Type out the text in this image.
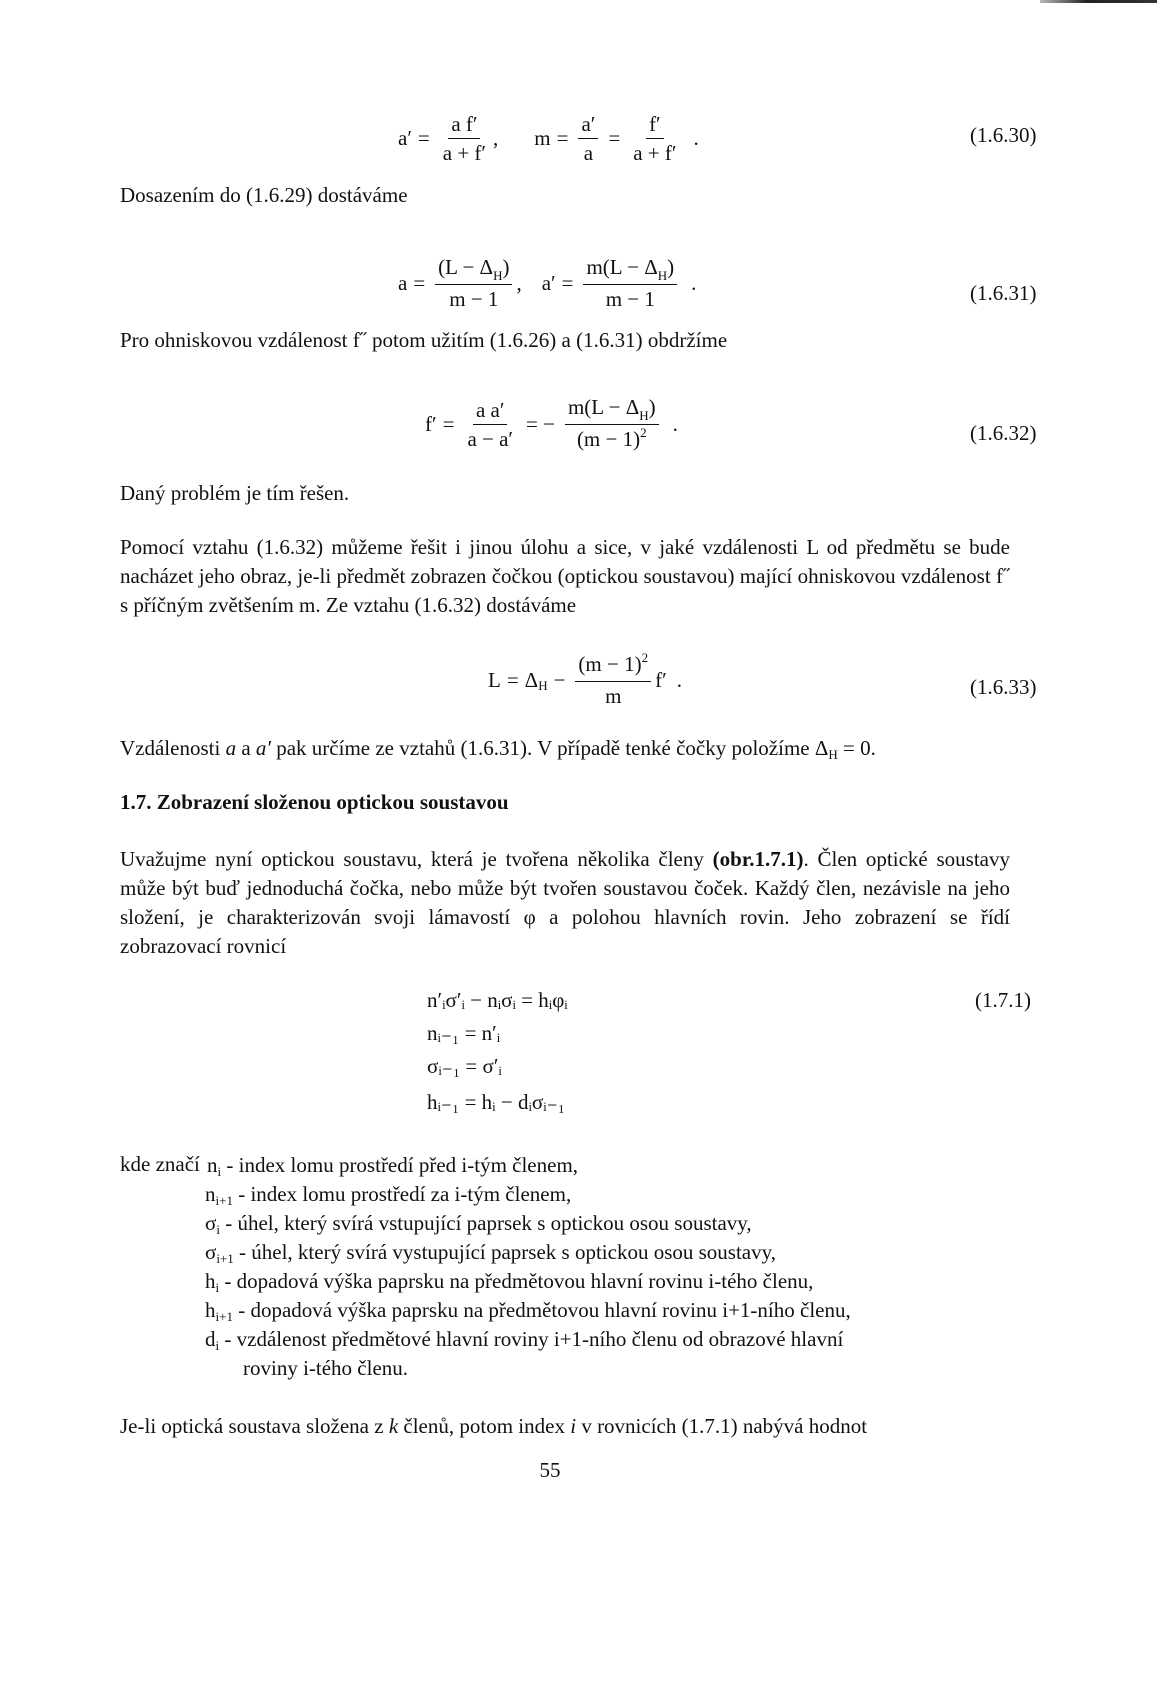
$a' = \frac{\text{a f′}}{a + f'}$ , $m = \frac{a'}{a} = \frac{f'}{a + f'}$ .	(1.6.30)
Dosazením do (1.6.29) dostáváme
$a = \frac{(L - \Delta_H)}{m - 1}$ , $a' = \frac{m(L - \Delta_H)}{m - 1}$ .	(1.6.31)
Pro ohniskovou vzdálenost f˝ potom užitím (1.6.26) a (1.6.31) obdržíme
$f' = \frac{\text{a a′}}{a - a'}$ = − $\frac{m(L - \Delta_H)}{(m - 1)^2}$ .	(1.6.32)
Daný problém je tím řešen.
Pomocí vztahu (1.6.32) můžeme řešit i jinou úlohu a sice, v jaké vzdálenosti L od předmětu se bude nacházet jeho obraz, je-li předmět zobrazen čočkou (optickou soustavou) mající ohniskovou vzdálenost f˝ s příčným zvětšením m. Ze vztahu (1.6.32) dostáváme
L = Δ $H - \frac{(m - 1)^2}{m} f'$ .	(1.6.33)
Vzdálenosti a a a′ pak určíme ze vztahů (1.6.31). V případě tenké čočky položíme ΔH = 0.
1.7. Zobrazení složenou optickou soustavou
Uvažujme nyní optickou soustavu, která je tvořena několika členy (obr.1.7.1). Člen optické soustavy může být buď jednoduchá čočka, nebo může být tvořen soustavou čoček. Každý člen, nezávisle na jeho složení, je charakterizován svoji lámavostí φ a polohou hlavních rovin. Jeho zobrazení se řídí zobrazovací rovnicí
n′ᵢσ′ᵢ − nᵢσᵢ = hᵢφᵢ
nᵢ₋₁ = n′ᵢ
σᵢ₋₁ = σ′ᵢ
hᵢ₋₁ = hᵢ − dᵢσᵢ₋₁
(1.7.1)
kde značí ni - index lomu prostředí před i-tým členem,
ni+1 - index lomu prostředí za i-tým členem,
σi - úhel, který svírá vstupující paprsek s optickou osou soustavy,
σi+1 - úhel, který svírá vystupující paprsek s optickou osou soustavy,
hi - dopadová výška paprsku na předmětovou hlavní rovinu i-tého členu,
hi+1 - dopadová výška paprsku na předmětovou hlavní rovinu i+1-ního členu,
di - vzdálenost předmětové hlavní roviny i+1-ního členu od obrazové hlavní
roviny i-tého členu.
Je-li optická soustava složena z k členů, potom index i v rovnicích (1.7.1) nabývá hodnot
55
